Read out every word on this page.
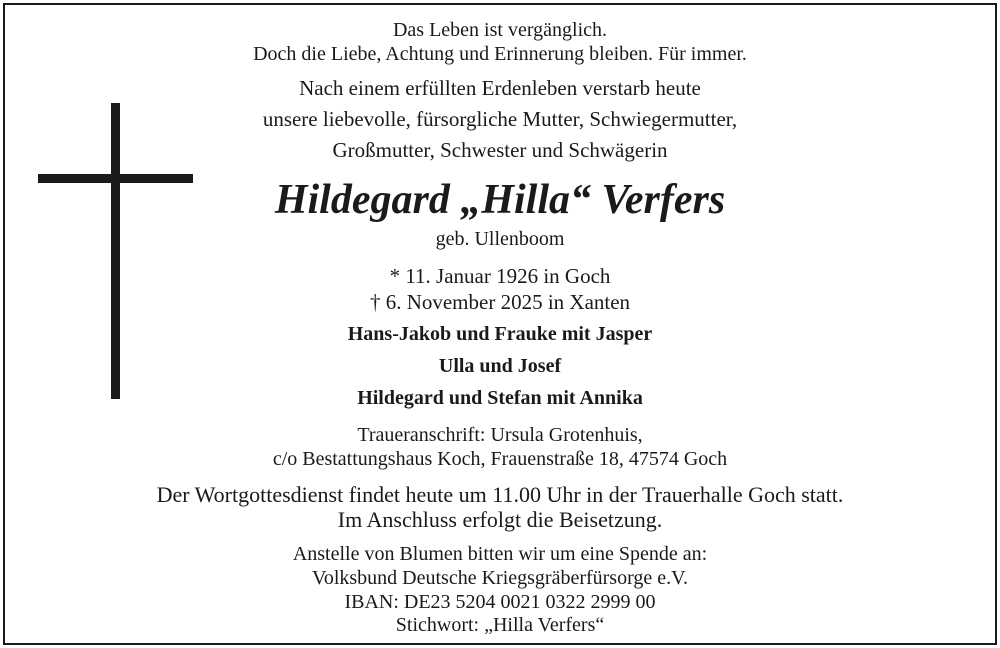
Das Leben ist vergänglich.
Doch die Liebe, Achtung und Erinnerung bleiben. Für immer.
Nach einem erfüllten Erdenleben verstarb heute
unsere liebevolle, fürsorgliche Mutter, Schwiegermutter,
Großmutter, Schwester und Schwägerin
Hildegard „Hilla“ Verfers
geb. Ullenboom
* 11. Januar 1926 in Goch
† 6. November 2025 in Xanten
Hans-Jakob und Frauke mit Jasper
Ulla und Josef
Hildegard und Stefan mit Annika
Traueranschrift: Ursula Grotenhuis,
c/o Bestattungshaus Koch, Frauenstraße 18, 47574 Goch
Der Wortgottesdienst findet heute um 11.00 Uhr in der Trauerhalle Goch statt.
Im Anschluss erfolgt die Beisetzung.
Anstelle von Blumen bitten wir um eine Spende an:
Volksbund Deutsche Kriegsgräberfürsorge e.V.
IBAN: DE23 5204 0021 0322 2999 00
Stichwort: „Hilla Verfers“
